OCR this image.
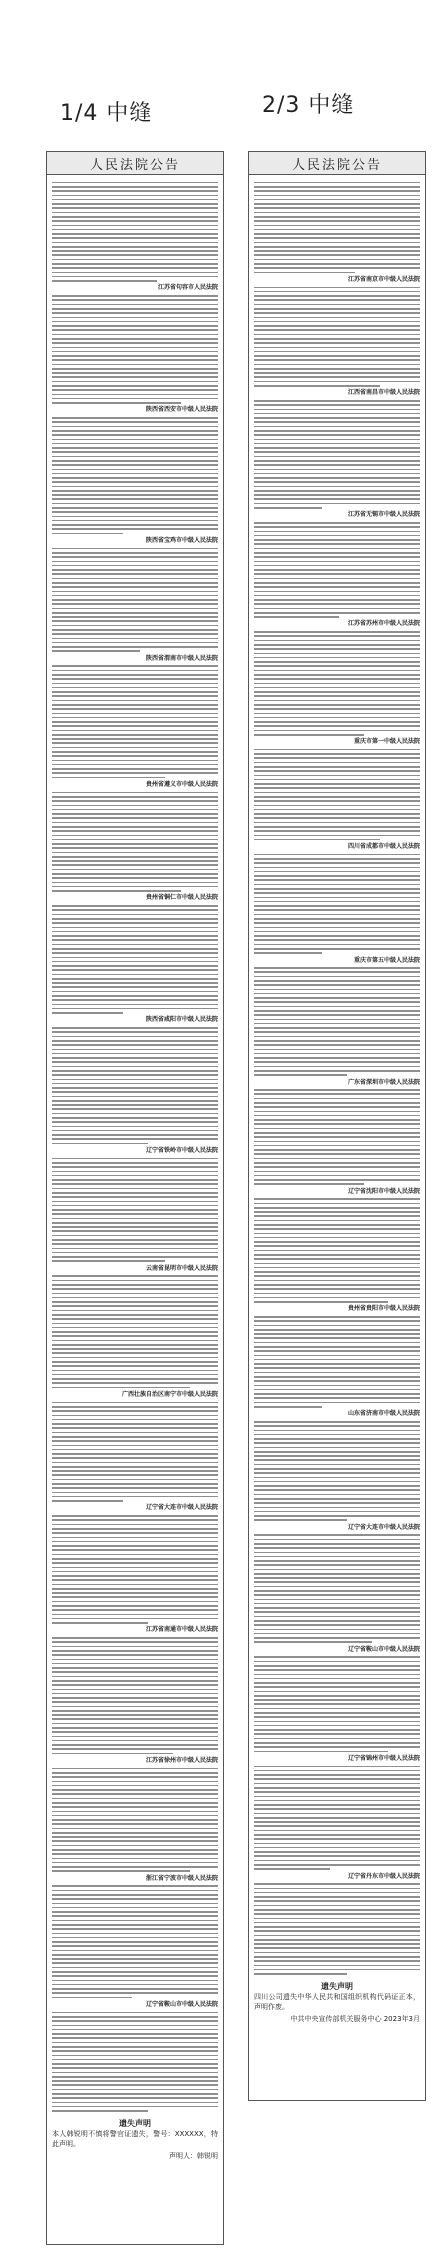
1/4 中缝	2/3 中缝
人民法院公告
江苏省句容市人民法院
陕西省西安市中级人民法院
陕西省宝鸡市中级人民法院
陕西省渭南市中级人民法院
贵州省遵义市中级人民法院
贵州省铜仁市中级人民法院
陕西省咸阳市中级人民法院
辽宁省铁岭市中级人民法院
云南省昆明市中级人民法院
广西壮族自治区南宁市中级人民法院
辽宁省大连市中级人民法院
江苏省南通市中级人民法院
江苏省徐州市中级人民法院
浙江省宁波市中级人民法院
辽宁省鞍山市中级人民法院
遗失声明
本人韩锐明不慎将警官证遗失，警号：XXXXXX，特此声明。
声明人：韩锐明
人民法院公告
江苏省南京市中级人民法院
江西省南昌市中级人民法院
江苏省无锡市中级人民法院
江苏省苏州市中级人民法院
重庆市第一中级人民法院
四川省成都市中级人民法院
重庆市第五中级人民法院
广东省深圳市中级人民法院
辽宁省沈阳市中级人民法院
贵州省贵阳市中级人民法院
山东省济南市中级人民法院
辽宁省大连市中级人民法院
辽宁省鞍山市中级人民法院
辽宁省锦州市中级人民法院
辽宁省丹东市中级人民法院
遗失声明
四川公司遗失中华人民共和国组织机构代码证正本，声明作废。
中共中央宣传部机关服务中心 2023年3月
